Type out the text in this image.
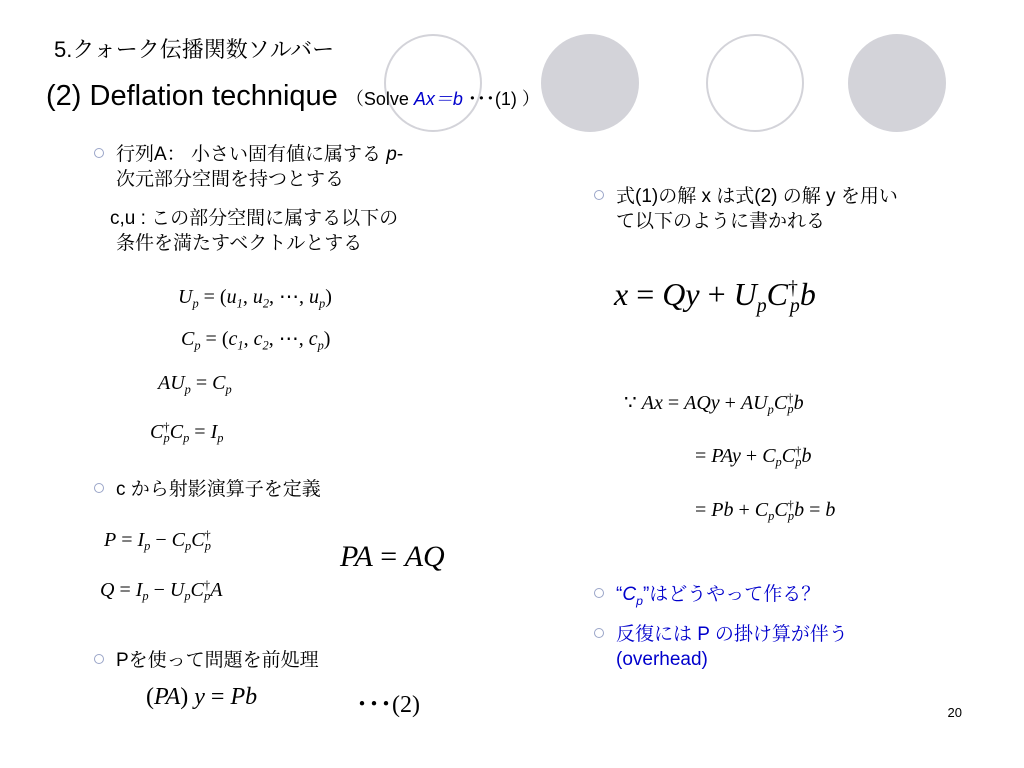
5.クォーク伝播関数ソルバー
(2) Deflation technique （Solve Ax＝b ･･･(1) ）
行列A： 小さい固有値に属する p-
次元部分空間を持つとする
c,u : この部分空間に属する以下の
条件を満たすベクトルとする
$U_p = (u_1$, $u_2$, ⋯, $u_p$)
$C_p = (c_1$, $c_2$, ⋯, $c_p$)
$AU_p = C_p$
$C^\dagger_pC_p = I_p$
c から射影演算子を定義
$P = I_p - C_pC^\dagger_p$
$Q = I_p - U_pC^\dagger_pA$
PA = AQ
Pを使って問題を前処理
(PA) y = Pb	･･･(2)
式(1)の解 x は式(2) の解 y を用い
て以下のように書かれる
$x = Qy + U_pC^\dagger_pb$
∵ Ax = AQy + $AU_pC^\dagger_pb$
= PAy + $C_pC^\dagger_pb$
= $Pb + C_pC^\dagger_pb = b$
“$C_p$”はどうやって作る？
反復には P の掛け算が伴う
(overhead)
20
